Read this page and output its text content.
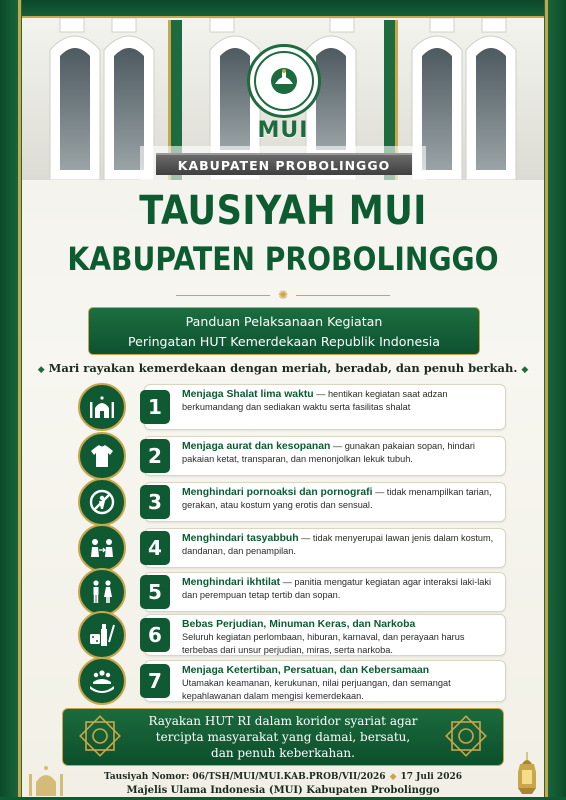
MUI
KABUPATEN PROBOLINGGO
TAUSIYAH MUI
KABUPATEN PROBOLINGGO
✺
Panduan Pelaksanaan Kegiatan
Peringatan HUT Kemerdekaan Republik Indonesia
◆ Mari rayakan kemerdekaan dengan meriah, beradab, dan penuh berkah. ◆
1
Menjaga Shalat lima waktu — hentikan kegiatan saat adzan berkumandang dan sediakan waktu serta fasilitas shalat
2	Menjaga aurat dan kesopanan — gunakan pakaian sopan, hindari pakaian ketat, transparan, dan menonjolkan lekuk tubuh.
3	Menghindari pornoaksi dan pornografi — tidak menampilkan tarian, gerakan, atau kostum yang erotis dan sensual.
4	Menghindari tasyabbuh — tidak menyerupai lawan jenis dalam kostum, dandanan, dan penampilan.
5	Menghindari ikhtilat — panitia mengatur kegiatan agar interaksi laki-laki dan perempuan tetap tertib dan sopan.
6	Bebas Perjudian, Minuman Keras, dan Narkoba
Seluruh kegiatan perlombaan, hiburan, karnaval, dan perayaan harus terbebas dari unsur perjudian, miras, serta narkoba.
7	Menjaga Ketertiban, Persatuan, dan Kebersamaan
Utamakan keamanan, kerukunan, nilai perjuangan, dan semangat kepahlawanan dalam mengisi kemerdekaan.
Rayakan HUT RI dalam koridor syariat agar
tercipta masyarakat yang damai, bersatu,
dan penuh keberkahan.
Tausiyah Nomor: 06/TSH/MUI/MUI.KAB.PROB/VII/2026 ◆ 17 Juli 2026
Majelis Ulama Indonesia (MUI) Kabupaten Probolinggo
